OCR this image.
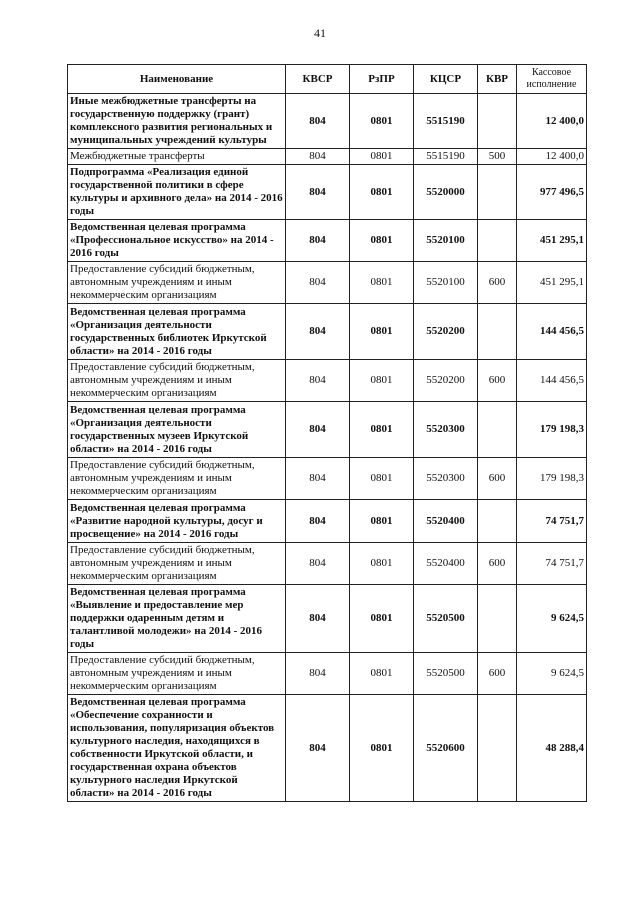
41
Наименование	КВСР	РзПР	КЦСР	КВР	Кассовое исполнение

Иные межбюджетные трансферты на государственную поддержку (грант) комплексного развития региональных и муниципальных учреждений культуры	804	0801	5515190		12 400,0
Межбюджетные трансферты	804	0801	5515190	500	12 400,0
Подпрограмма «Реализация единой государственной политики в сфере культуры и архивного дела» на 2014 - 2016 годы	804	0801	5520000		977 496,5
Ведомственная целевая программа «Профессиональное искусство» на 2014 - 2016 годы	804	0801	5520100		451 295,1
Предоставление субсидий бюджетным, автономным учреждениям и иным некоммерческим организациям	804	0801	5520100	600	451 295,1
Ведомственная целевая программа «Организация деятельности государственных библиотек Иркутской области» на 2014 - 2016 годы	804	0801	5520200		144 456,5
Предоставление субсидий бюджетным, автономным учреждениям и иным некоммерческим организациям	804	0801	5520200	600	144 456,5
Ведомственная целевая программа «Организация деятельности государственных музеев Иркутской области» на 2014 - 2016 годы	804	0801	5520300		179 198,3
Предоставление субсидий бюджетным, автономным учреждениям и иным некоммерческим организациям	804	0801	5520300	600	179 198,3
Ведомственная целевая программа «Развитие народной культуры, досуг и просвещение» на 2014 - 2016 годы	804	0801	5520400		74 751,7
Предоставление субсидий бюджетным, автономным учреждениям и иным некоммерческим организациям	804	0801	5520400	600	74 751,7
Ведомственная целевая программа «Выявление и предоставление мер поддержки одаренным детям и талантливой молодежи» на 2014 - 2016 годы	804	0801	5520500		9 624,5
Предоставление субсидий бюджетным, автономным учреждениям и иным некоммерческим организациям	804	0801	5520500	600	9 624,5
Ведомственная целевая программа «Обеспечение сохранности и использования, популяризация объектов культурного наследия, находящихся в собственности Иркутской области, и государственная охрана объектов культурного наследия Иркутской области» на 2014 - 2016 годы	804	0801	5520600		48 288,4
